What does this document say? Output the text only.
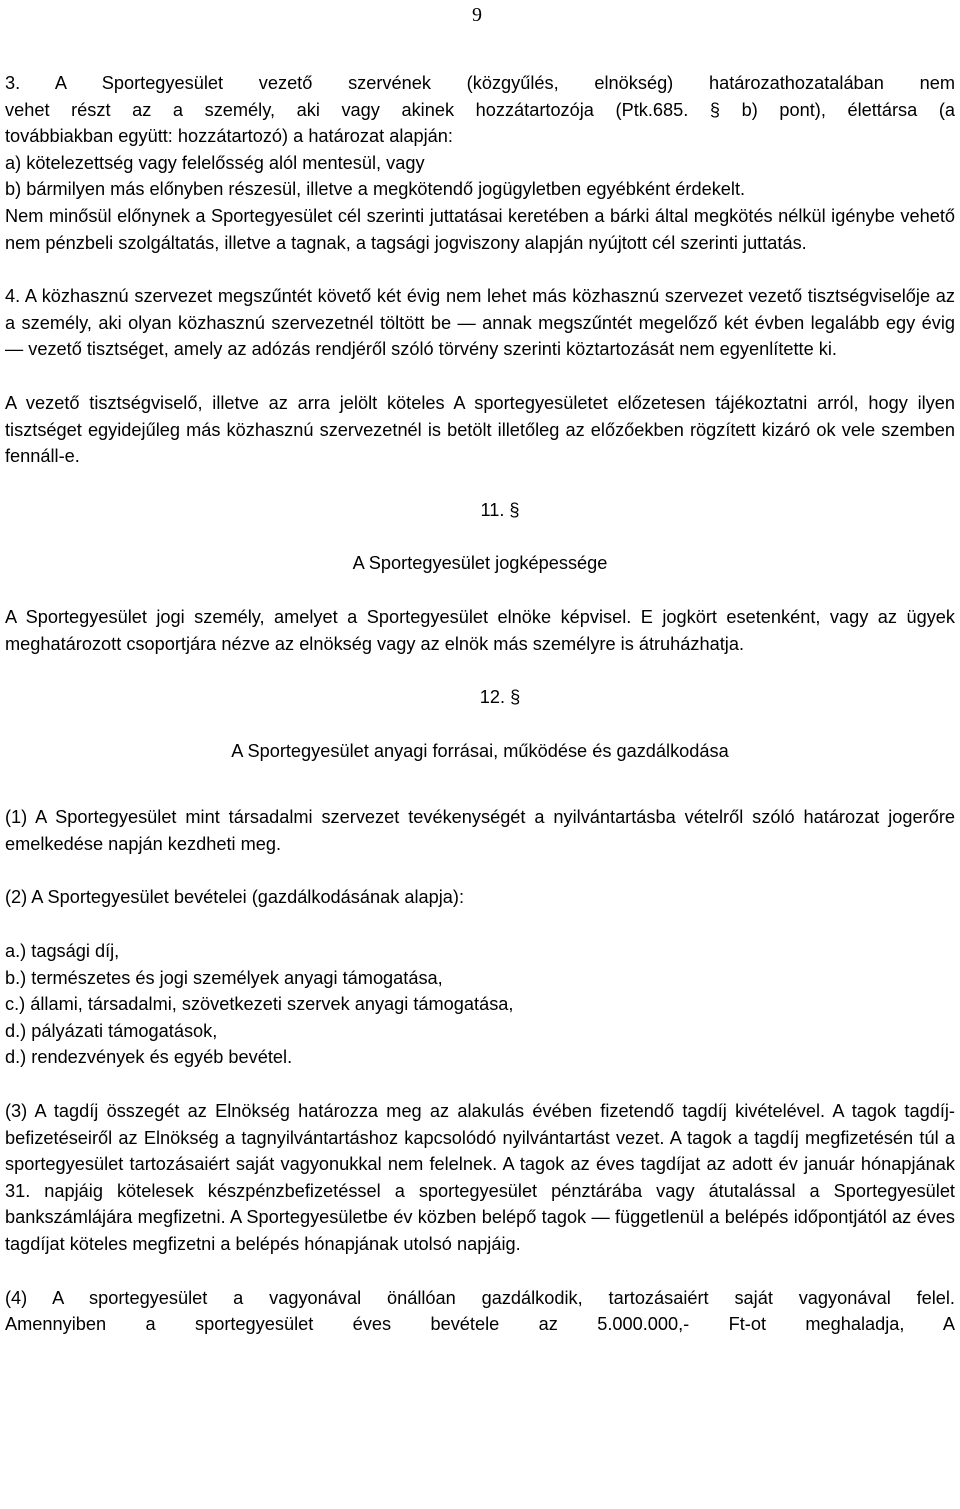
9

3. A Sportegyesület vezető szervének (közgyűlés, elnökség) határozathozatalában nem

vehet részt az a személy, aki vagy akinek hozzátartozója (Ptk.685. § b) pont), élettársa (a

továbbiakban együtt: hozzátartozó) a határozat alapján:

a) kötelezettség vagy felelősség alól mentesül, vagy

b) bármilyen más előnyben részesül, illetve a megkötendő jogügyletben egyébként érdekelt.

Nem minősül előnynek a Sportegyesület cél szerinti juttatásai keretében a bárki által megkötés nélkül igénybe vehető nem pénzbeli szolgáltatás, illetve a tagnak, a tagsági jogviszony alapján nyújtott cél szerinti juttatás.

4. A közhasznú szervezet megszűntét követő két évig nem lehet más közhasznú szervezet vezető tisztségviselője az a személy, aki olyan közhasznú szervezetnél töltött be — annak megszűntét megelőző két évben legalább egy évig — vezető tisztséget, amely az adózás rendjéről szóló törvény szerinti köztartozását nem egyenlítette ki.

A vezető tisztségviselő, illetve az arra jelölt köteles A sportegyesületet előzetesen tájékoztatni arról, hogy ilyen tisztséget egyidejűleg más közhasznú szervezetnél is betölt illetőleg az előzőekben rögzített kizáró ok vele szemben fennáll-e.

11. §

A Sportegyesület jogképessége

A Sportegyesület jogi személy, amelyet a Sportegyesület elnöke képvisel. E jogkört esetenként, vagy az ügyek meghatározott csoportjára nézve az elnökség vagy az elnök más személyre is átruházhatja.

12. §

A Sportegyesület anyagi forrásai, működése és gazdálkodása

(1) A Sportegyesület mint társadalmi szervezet tevékenységét a nyilvántartásba vételről szóló határozat jogerőre emelkedése napján kezdheti meg.

(2) A Sportegyesület bevételei (gazdálkodásának alapja):

a.) tagsági díj,

b.) természetes és jogi személyek anyagi támogatása,

c.) állami, társadalmi, szövetkezeti szervek anyagi támogatása,

d.) pályázati támogatások,

d.) rendezvények és egyéb bevétel.

(3) A tagdíj összegét az Elnökség határozza meg az alakulás évében fizetendő tagdíj kivételével. A tagok tagdíj-befizetéseiről az Elnökség a tagnyilvántartáshoz kapcsolódó nyilvántartást vezet. A tagok a tagdíj megfizetésén túl a sportegyesület tartozásaiért saját vagyonukkal nem felelnek. A tagok az éves tagdíjat az adott év január hónapjának 31. napjáig kötelesek készpénzbefizetéssel a sportegyesület pénztárába vagy átutalással a Sportegyesület bankszámlájára megfizetni. A Sportegyesületbe év közben belépő tagok — függetlenül a belépés időpontjától az éves tagdíjat köteles megfizetni a belépés hónapjának utolsó napjáig.

(4) A sportegyesület a vagyonával önállóan gazdálkodik, tartozásaiért saját vagyonával felel.

Amennyiben a sportegyesület éves bevétele az 5.000.000,- Ft-ot meghaladja, A
